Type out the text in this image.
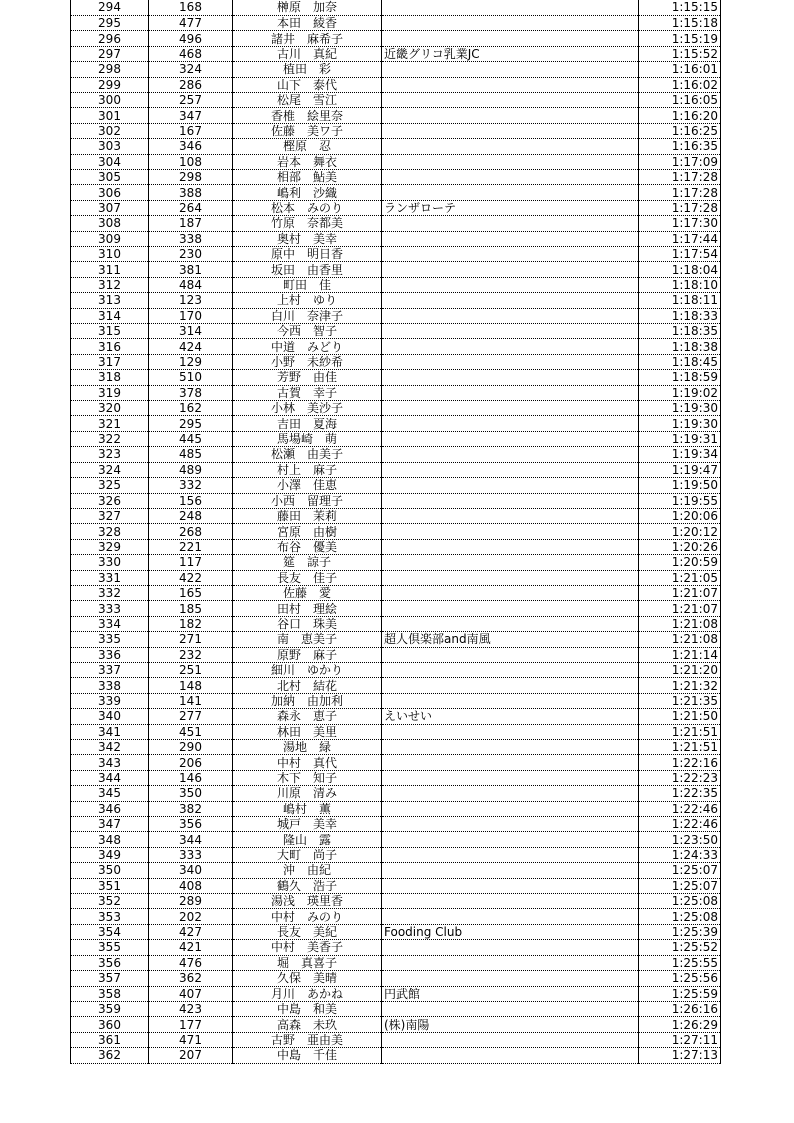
294	168	榊原　加奈		1:15:15
295	477	本田　綾香		1:15:18
296	496	諸井　麻希子		1:15:19
297	468	古川　真紀	近畿グリコ乳業JC	1:15:52
298	324	植田　彩		1:16:01
299	286	山下　泰代		1:16:02
300	257	松尾　雪江		1:16:05
301	347	香椎　絵里奈		1:16:20
302	167	佐藤　美ワ子		1:16:25
303	346	樫原　忍		1:16:35
304	108	岩本　舞衣		1:17:09
305	298	相部　鮎美		1:17:28
306	388	嶋利　沙織		1:17:28
307	264	松本　みのり	ランザローテ	1:17:28
308	187	竹原　奈都美		1:17:30
309	338	奥村　美幸		1:17:44
310	230	原中　明日香		1:17:54
311	381	坂田　由香里		1:18:04
312	484	町田　佳		1:18:10
313	123	上村　ゆり		1:18:11
314	170	白川　奈津子		1:18:33
315	314	今西　智子		1:18:35
316	424	中道　みどり		1:18:38
317	129	小野　未紗希		1:18:45
318	510	芳野　由佳		1:18:59
319	378	古賀　幸子		1:19:02
320	162	小林　美沙子		1:19:30
321	295	吉田　夏海		1:19:30
322	445	馬場崎　萌		1:19:31
323	485	松瀬　由美子		1:19:34
324	489	村上　麻子		1:19:47
325	332	小澤　佳恵		1:19:50
326	156	小西　留理子		1:19:55
327	248	藤田　茉莉		1:20:06
328	268	宮原　由樹		1:20:12
329	221	布谷　優美		1:20:26
330	117	筵　諒子		1:20:59
331	422	長友　佳子		1:21:05
332	165	佐藤　愛		1:21:07
333	185	田村　理絵		1:21:07
334	182	谷口　珠美		1:21:08
335	271	南　恵美子	超人倶楽部and南風	1:21:08
336	232	原野　麻子		1:21:14
337	251	細川　ゆかり		1:21:20
338	148	北村　結花		1:21:32
339	141	加納　由加利		1:21:35
340	277	森永　恵子	えいせい	1:21:50
341	451	林田　美里		1:21:51
342	290	湯地　緑		1:21:51
343	206	中村　真代		1:22:16
344	146	木下　知子		1:22:23
345	350	川原　清み		1:22:35
346	382	嶋村　薫		1:22:46
347	356	城戸　美幸		1:22:46
348	344	隆山　露		1:23:50
349	333	大町　尚子		1:24:33
350	340	沖　由紀		1:25:07
351	408	鶴久　浩子		1:25:07
352	289	湯浅　瑛里香		1:25:08
353	202	中村　みのり		1:25:08
354	427	長友　美紀	Fooding Club	1:25:39
355	421	中村　美香子		1:25:52
356	476	堀　真喜子		1:25:55
357	362	久保　美晴		1:25:56
358	407	月川　あかね	円武館	1:25:59
359	423	中島　和美		1:26:16
360	177	高森　未玖	(株)南陽	1:26:29
361	471	古野　亜由美		1:27:11
362	207	中島　千佳		1:27:13
